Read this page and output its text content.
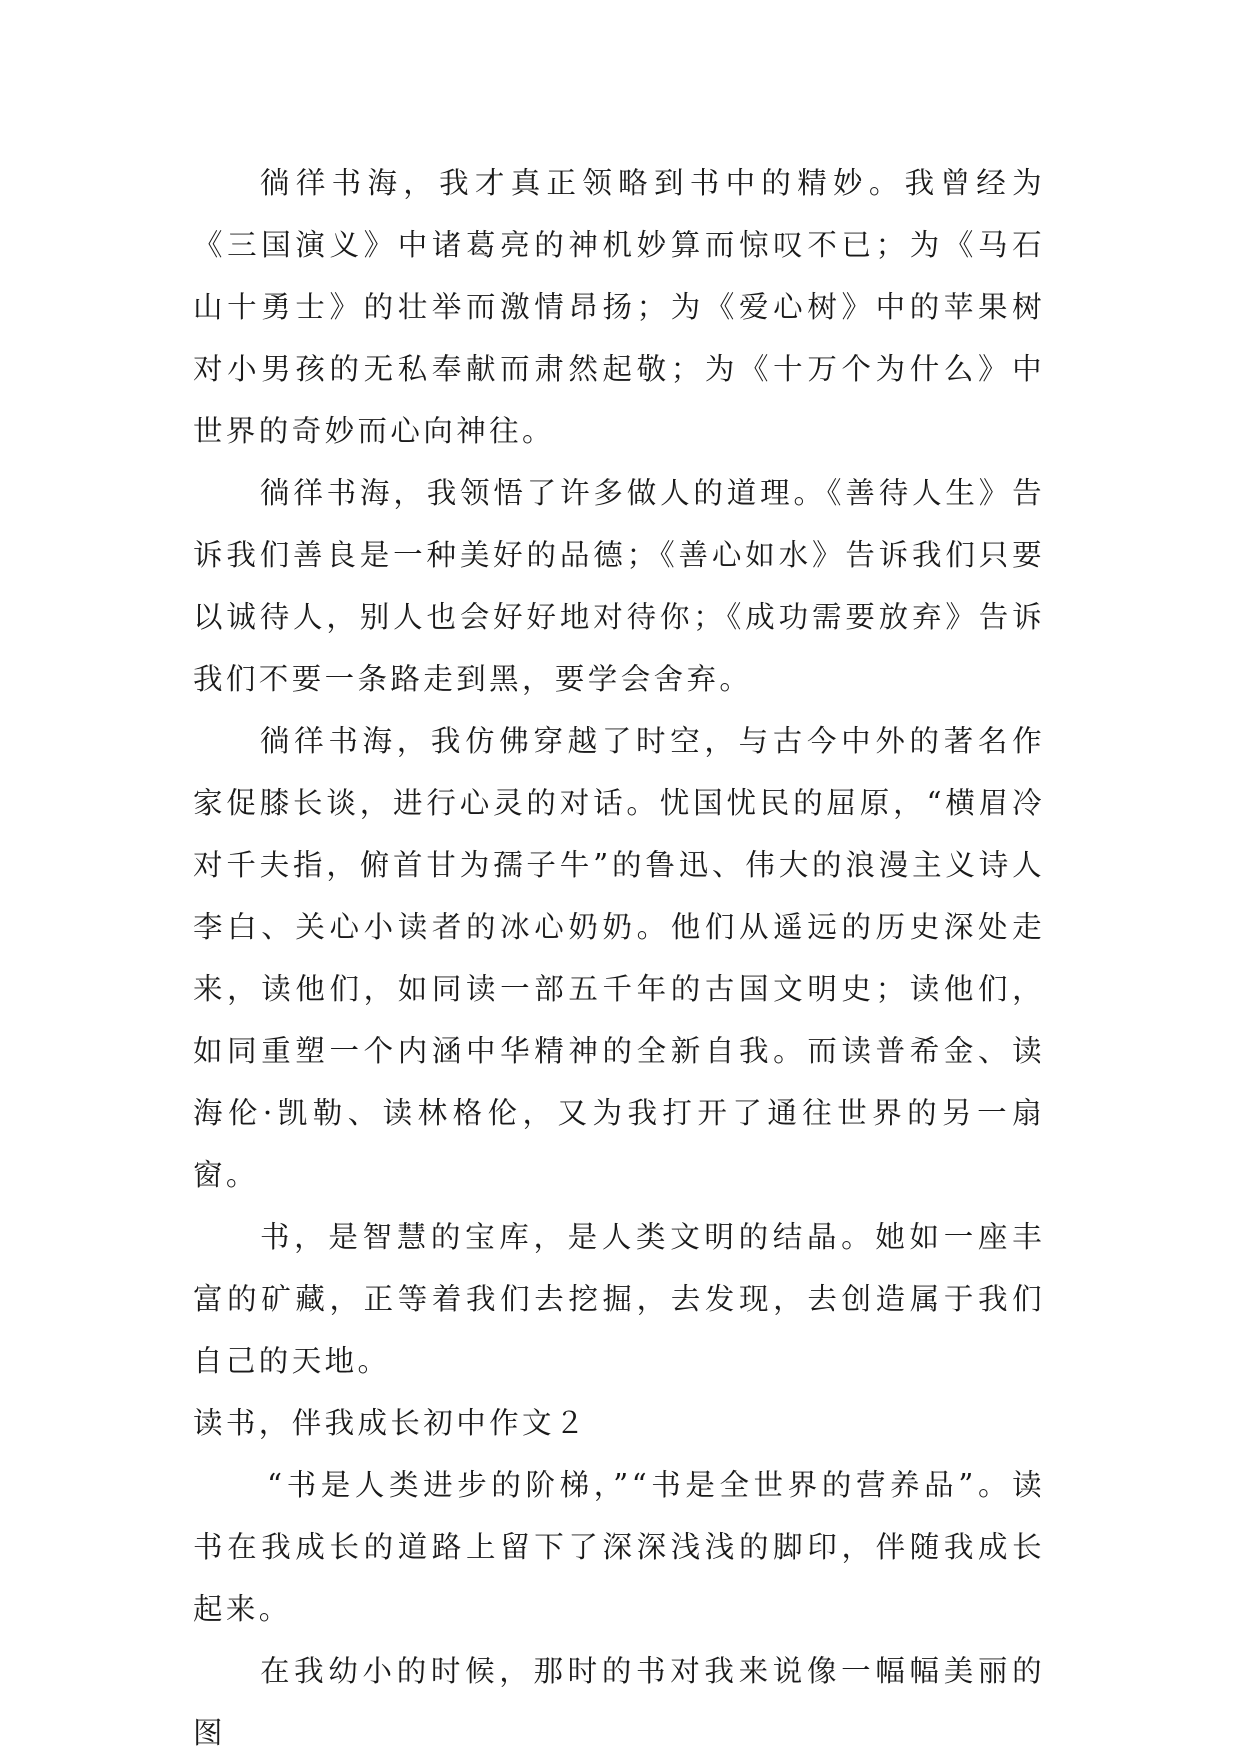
徜徉书海，我才真正领略到书中的精妙。我曾经为《三国演义》中诸葛亮的神机妙算而惊叹不已；为《马石山十勇士》的壮举而激情昂扬；为《爱心树》中的苹果树对小男孩的无私奉献而肃然起敬；为《十万个为什么》中世界的奇妙而心向神往。

徜徉书海，我领悟了许多做人的道理。《善待人生》告诉我们善良是一种美好的品德；《善心如水》告诉我们只要以诚待人，别人也会好好地对待你；《成功需要放弃》告诉我们不要一条路走到黑，要学会舍弃。

徜徉书海，我仿佛穿越了时空，与古今中外的著名作家促膝长谈，进行心灵的对话。忧国忧民的屈原，“横眉冷对千夫指，俯首甘为孺子牛”的鲁迅、伟大的浪漫主义诗人李白、关心小读者的冰心奶奶。他们从遥远的历史深处走来，读他们，如同读一部五千年的古国文明史；读他们，如同重塑一个内涵中华精神的全新自我。而读普希金、读海伦·凯勒、读林格伦，又为我打开了通往世界的另一扇窗。

书，是智慧的宝库，是人类文明的结晶。她如一座丰富的矿藏，正等着我们去挖掘，去发现，去创造属于我们自己的天地。

读书，伴我成长初中作文２

“书是人类进步的阶梯，”“书是全世界的营养品”。读书在我成长的道路上留下了深深浅浅的脚印，伴随我成长起来。

在我幼小的时候，那时的书对我来说像一幅幅美丽的图
